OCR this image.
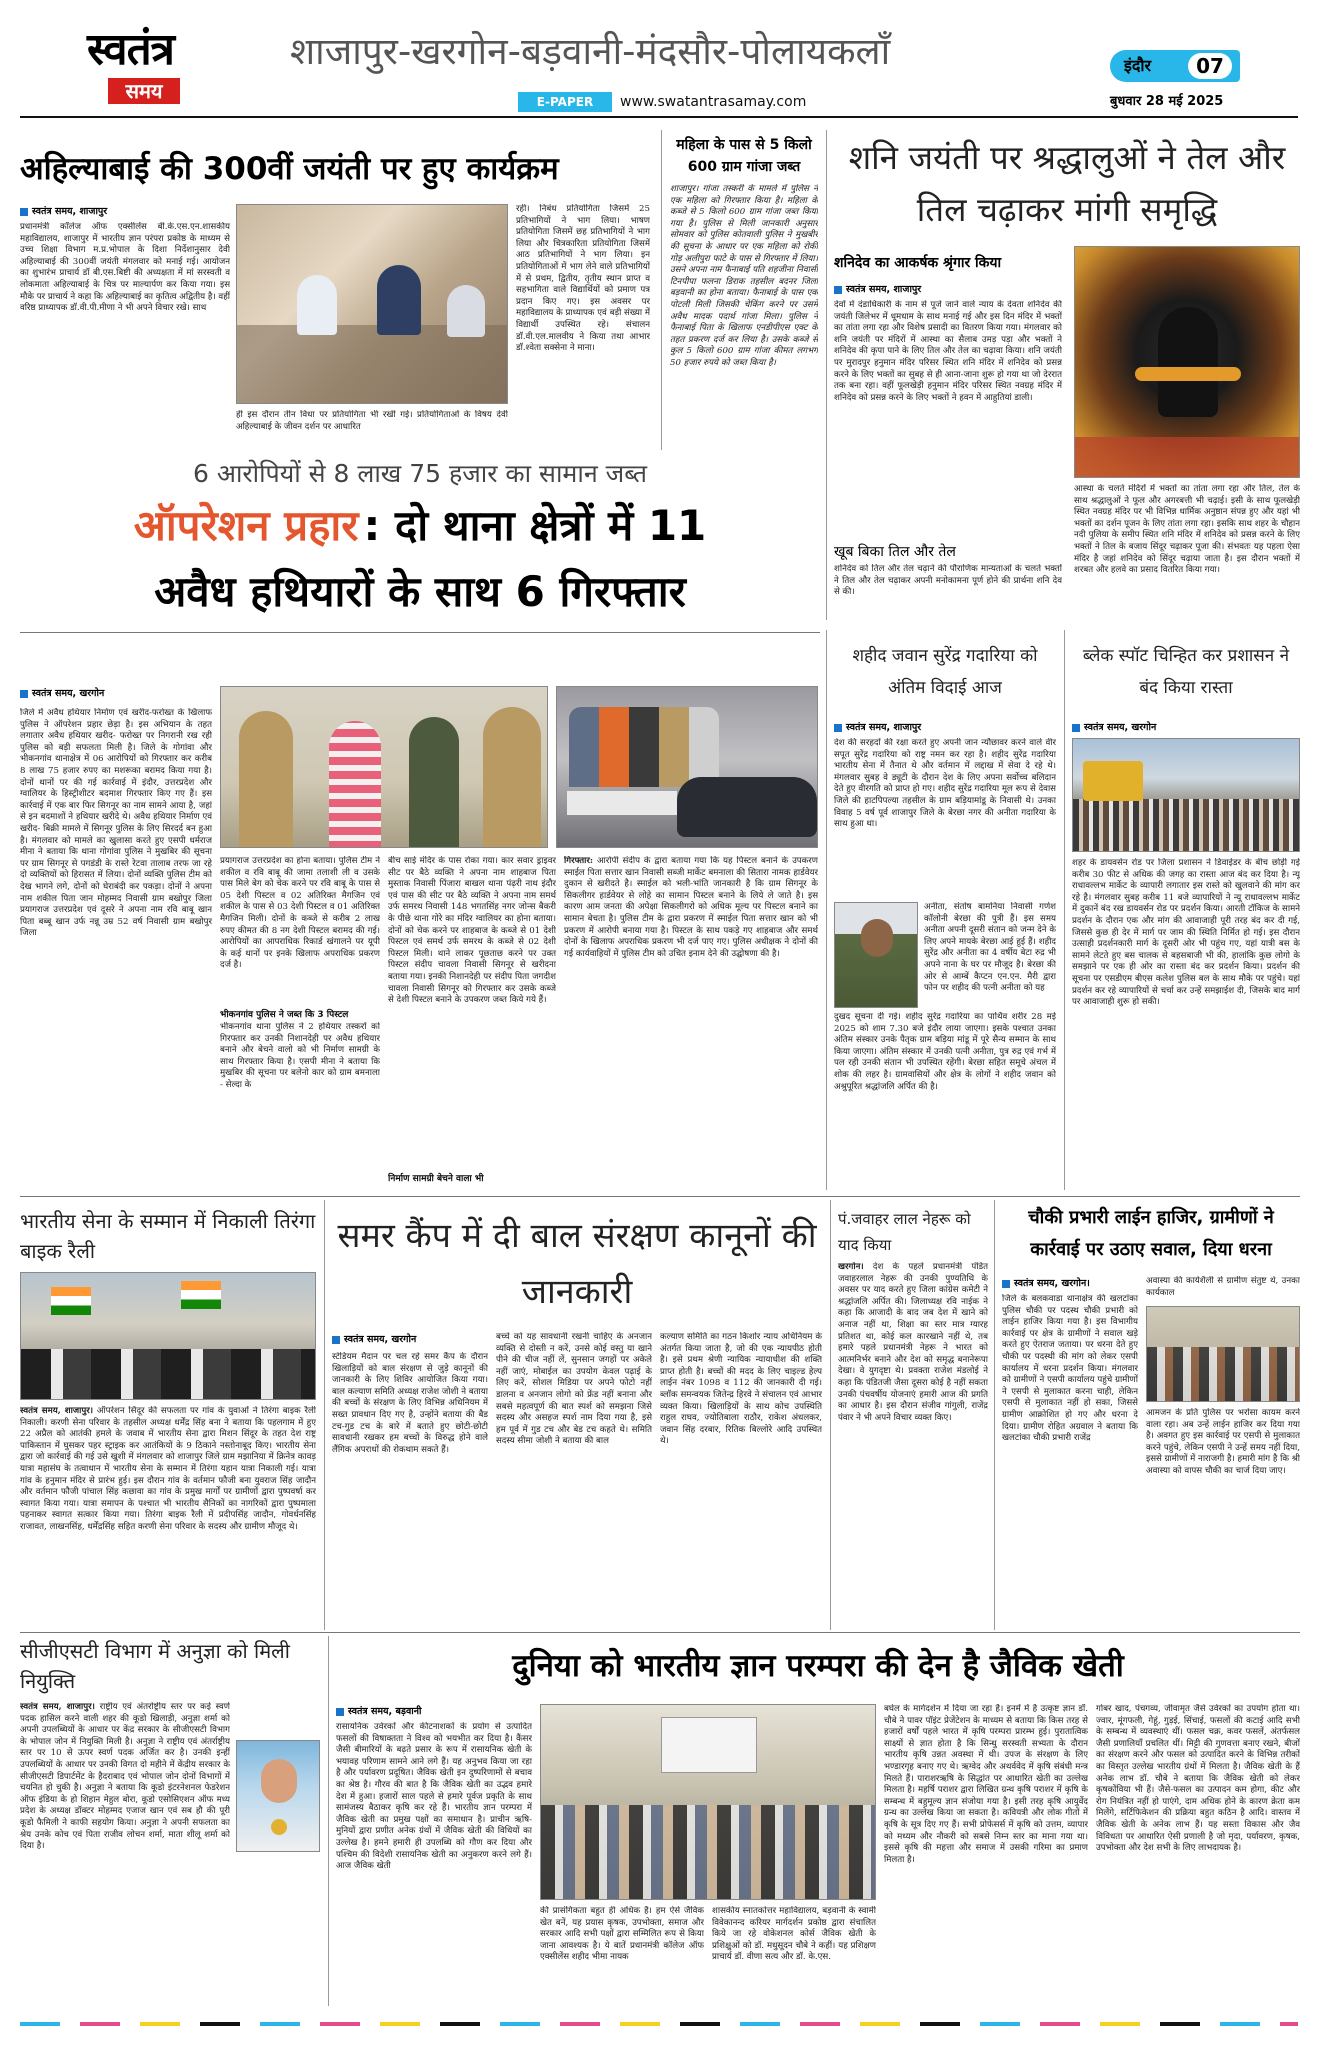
स्वतंत्र
समय
शाजापुर-खरगोन-बड़वानी-मंदसौर-पोलायकलाँ
E-PAPER	www.swatantrasamay.com
इंदौर	07
बुधवार 28 मई 2025
अहिल्याबाई की 300वीं जयंती पर हुए कार्यक्रम
स्वतंत्र समय, शाजापुर
प्रधानमंत्री कॉलेज ऑफ एक्सीलेंस बी.के.एस.एन.शासकीय महाविद्यालय, शाजापुर में भारतीय ज्ञान परंपरा प्रकोष्ठ के माध्यम से उच्च शिक्षा विभाग म.प्र.भोपाल के दिशा निर्देशानुसार देवी अहिल्याबाई की 300वीं जयंती मंगलवार को मनाई गई। आयोजन का शुभारंभ प्राचार्य डॉ बी.एस.बिष्टी की अध्यक्षता में मां सरस्वती व लोकमाता अहिल्याबाई के चित्र पर माल्यार्पण कर किया गया। इस मौके पर प्राचार्य ने कहा कि अहिल्याबाई का कृतित्व अद्वितीय है। वहीं वरिष्ठ प्राध्यापक डॉ.वी.पी.मीणा ने भी अपने विचार रखे। साथ
ही इस दौरान तीन विधा पर प्रतियोगिता भी रखी गई। प्रतियोगिताओं के विषय देवी अहिल्याबाई के जीवन दर्शन पर आधारित
रही। निबंध प्रतियोगिता जिसमें 25 प्रतिभागियों ने भाग लिया। भाषण प्रतियोगिता जिसमें छह प्रतिभागियों ने भाग लिया और चित्रकारिता प्रतियोगिता जिसमें आठ प्रतिभागियों ने भाग लिया। इन प्रतियोगिताओं में भाग लेने वाले प्रतिभागियों में से प्रथम, द्वितीय, तृतीय स्थान प्राप्त व सहभागिता वाले विद्यार्थियों को प्रमाण पत्र प्रदान किए गए। इस अवसर पर महाविद्यालय के प्राध्यापक एवं बड़ी संख्या में विद्यार्थी उपस्थित रहे। संचालन डॉ.वी.एल.मालवीय ने किया तथा आभार डॉ.श्वेता सक्सेना ने माना।
महिला के पास से 5 किलो 600 ग्राम गांजा जब्त
शाजापुर। गांजा तस्करी के मामले में पुलिस ने एक महिला को गिरफ्तार किया है। महिला के कब्जे से 5 किलो 600 ग्राम गांजा जब्त किया गया है। पुलिस से मिली जानकारी अनुसार सोमवार को पुलिस कोतवाली पुलिस ने मुखबीर की सूचना के आधार पर एक महिला को रोकी गोड़ अलीपुरा फाटे के पास से गिरफ्तार में लिया। उसने अपना नाम फैनाबाई पति शहजीना निवासी टिनपीपा फलना डिराक तहसील बदनर जिला बड़वानी का होना बताया। फैनाबाई के पास एक पोटली मिली जिसकी चेकिंग करने पर उसमें अवैध मादक पदार्थ गांजा मिला। पुलिस ने फैनाबाई पिता के खिलाफ एनडीपीएस एक्ट के तहत प्रकरण दर्ज कर लिया है। उसके कब्जे से कुल 5 किलो 600 ग्राम गांजा कीमत लगभग 50 हजार रुपये को जब्त किया है।
शनि जयंती पर श्रद्धालुओं ने तेल और तिल चढ़ाकर मांगी समृद्धि
शनिदेव का आकर्षक श्रृंगार किया
स्वतंत्र समय, शाजापुर
देवों में दंडाधिकारी के नाम से पूजे जाने वाले न्याय के देवता शनिदेव की जयंती जिलेभर में धूमधाम के साथ मनाई गई और इस दिन मंदिर में भक्तों का तांता लगा रहा और विशेष प्रसादी का वितरण किया गया। मंगलवार को शनि जयंती पर मंदिरों में आस्था का सैलाब उमड़ पड़ा और भक्तों ने शनिदेव की कृपा पाने के लिए तिल और तेल का चढ़ावा किया। शनि जयंती पर मुरादपुर हनुमान मंदिर परिसर स्थित शनि मंदिर में शनिदेव को प्रसन्न करने के लिए भक्तों का सुबह से ही आना-जाना शुरू हो गया था जो देररात तक बना रहा। वहीं फूलखेड़ी हनुमान मंदिर परिसर स्थित नवग्रह मंदिर में शनिदेव को प्रसन्न करने के लिए भक्तों ने हवन में आहुतियां डाली।
खूब बिका तिल और तेल
शनिदेव को तिल और तेल चढ़ाने की पौराणिक मान्यताओं के चलते भक्तों ने तिल और तेल चढ़ाकर अपनी मनोकामना पूर्ण होने की प्रार्थना शनि देव से की।
आस्था के चलते मंदिरों में भक्तों का तांता लगा रहा और तिल, तेल के साथ श्रद्धालुओं ने फूल और अगरबत्ती भी चढ़ाई। इसी के साथ फूलखेड़ी स्थित नवग्रह मंदिर पर भी विभिन्न धार्मिक अनुष्ठान संपन्न हुए और यहां भी भक्तों का दर्शन पूजन के लिए तांता लगा रहा। इसकि साथ शहर के चौहान नदी पुलिया के समीप स्थित शनि मंदिर में शनिदेव को प्रसन्न करने के लिए भक्तों ने तिल के बजाय सिंदूर चढ़ाकर पूजा की। संभवतः यह पहला ऐसा मंदिर है जहां शनिदेव को सिंदूर चढ़ाया जाता है। इस दौरान भक्तों में शरबत और हलवे का प्रसाद वितरित किया गया।
6 आरोपियों से 8 लाख 75 हजार का सामान जब्त
ऑपरेशन प्रहार : दो थाना क्षेत्रों में 11
अवैध हथियारों के साथ 6 गिरफ्तार
स्वतंत्र समय, खरगोन
जिले में अवैध हथियार निर्माण एवं खरीद-फरोख्त के खिलाफ पुलिस ने ऑपरेशन प्रहार छेड़ा है। इस अभियान के तहत लगातार अवैध हथियार खरीद- फरोख्त पर निगरानी रख रही पुलिस को बड़ी सफलता मिली है। जिले के गोगांवा और भीकनगांव थानाक्षेत्र में 06 आरोपियों को गिरफ्तार कर करीब 8 लाख 75 हजार रुपए का मशरूका बरामद किया गया है। दोनों थानों पर की गई कार्रवाई में इंदौर, उत्तरप्रदेश और ग्वालियर के हिस्ट्रीशीटर बदमाश गिरफ्तार किए गए हैं। इस कार्रवाई में एक बार फिर सिगनूर का नाम सामने आया है, जहां से इन बदमाशों ने हथियार खरीदे थे। अवैध हथियार निर्माण एवं खरीद- बिक्री मामले में सिगनूर पुलिस के लिए सिरदर्द बन हुआ है। मंगलवार को मामले का खुलासा करते हुए एसपी धर्मराज मीना ने बताया कि थाना गोगांवा पुलिस ने मुखबिर की सूचना पर ग्राम सिगनूर से पगडंडी के रास्ते रेटवा तालाब तरफ जा रहे दो व्यक्तियों को हिरासत में लिया। दोनों व्यक्ति पुलिस टीम को देख भागने लगे, दोनों को घेराबंदी कर पकड़ा। दोनों ने अपना नाम शकील पिता जान मोहम्मद निवासी ग्राम बखोपुर जिला प्रयागराज उत्तरप्रदेश एवं दूसरे ने अपना नाम रवि बाबू खान पिता बब्बू खान उर्फ नन्नू उम्र 52 वर्ष निवासी ग्राम बखोपुर जिला
प्रयागराज उत्तरप्रदेश का होना बताया। पुलिस टीम ने शकील व रवि बाबू की जामा तलाशी ली व उसके पास मिले बेग को चेक करने पर रवि बाबू के पास से 05 देशी पिस्टल व 02 अतिरिक्त मैगजिन एवं शकील के पास से 03 देशी पिस्टल व 01 अतिरिक्त मैगजिन मिली। दोनों के कब्जे से करीब 2 लाख रुपए कीमत की 8 नग देशी पिस्टल बरामद की गई। आरोपियों का आपराधिक रिकार्ड खंगालने पर यूपी के कई थानों पर इनके खिलाफ अपराधिक प्रकरण दर्ज है।
भीकनगांव पुलिस ने जब्त कि 3 पिस्टल
भीकनगांव थाना पुलिस ने 2 हथियार तस्करों को गिरफ्तार कर उनकी निशानदेही पर अवैध हथियार बनाने और बेचने वालो को भी निर्माण सामग्री के साथ गिरफ्तार किया है। एसपी मीना ने बताया कि मुखबिर की सूचना पर बलेनो कार को ग्राम बमनाला - सेल्दा के
बीच साई मंदिर के पास रोका गया। कार सवार ड्राइवर सीट पर बैठे व्यक्ति ने अपना नाम शाहबाज पिता मुस्ताक निवासी पिंजारा बाखल थाना पंढ़री नाथ इंदौर एवं पास की सीट पर बैठे व्यक्ति ने अपना नाम समर्थ उर्फ समरथ निवासी 148 भगतसिंह नगर जोन्स बैकरी के पीछे थाना गोरे का मंदिर ग्वालियर का होना बताया। दोनों को चेक करने पर शाहबाज के कब्जे से 01 देशी पिस्टल एवं समर्थ उर्फ समरथ के कब्जे से 02 देशी पिस्टल मिली। थाने लाकर पूछताछ करने पर उक्त पिस्टल संदीप चावला निवासी सिगनूर से खरीदना बताया गया। इनकी निशानदेही पर संदीप पिता जगदीश चावला निवासी सिगनूर को गिरफ्तार कर उसके कब्जे से देशी पिस्टल बनाने के उपकरण जब्त किये गये हैं।
निर्माण सामग्री बेचने वाला भी
गिरफ्तार: आरोपी संदीप के द्वारा बताया गया कि यह पिस्टल बनाने के उपकरण स्माईल पिता सत्तार खान निवासी सब्जी मार्केट बमनाला की सितारा नामक हार्डवेयर दुकान से खरीदते है। स्माईल को भली-भांति जानकारी है कि ग्राम सिगनूर के सिकलीगर हार्डवेयर से लोहे का सामान पिस्टल बनाने के लिये ले जाते है। इस कारण आम जनता की अपेक्षा सिकलीगरो को अधिक मूल्य पर पिस्टल बनाने का सामान बेचता है। पुलिस टीम के द्वारा प्रकरण में स्माईल पिता सत्तार खान को भी प्रकरण में आरोपी बनाया गया है। पिस्टल के साथ पकड़े गए शाहबाज और समर्थ दोनों के खिलाफ अपराधिक प्रकरण भी दर्ज पाए गए। पुलिस अधीक्षक ने दोनों की गई कार्यवाहियों में पुलिस टीम को उचित इनाम देने की उद्घोषणा की है।
शहीद जवान सुरेंद्र गदारिया को अंतिम विदाई आज
स्वतंत्र समय, शाजापुर
देश की सरहदों की रक्षा करते हुए अपनी जान न्यौछावर करने वाले वीर सपूत सुरेंद्र गदारिया को राष्ट्र नमन कर रहा है। शहीद सुरेंद्र गदारिया भारतीय सेना में तैनात थे और वर्तमान में लद्दाख में सेवा दे रहे थे। मंगलवार सुबह वे ड्यूटी के दौरान देश के लिए अपना सर्वोच्च बलिदान देते हुए वीरगति को प्राप्त हो गए। शहीद सुरेंद्र गदारिया मूल रूप से देवास जिले की हाटपिपल्या तहसील के ग्राम बड़ियामांडू के निवासी थे। उनका विवाह 5 वर्ष पूर्व शाजापुर जिले के बेरछा नगर की अनीता गदारिया के साथ हुआ था।
अनीता, संतोष बामनिया निवासी गणेश कॉलोनी बेरछा की पुत्री हैं। इस समय अनीता अपनी दूसरी संतान को जन्म देने के लिए अपने मायके बेरछा आई हुई हैं। शहीद सुरेंद्र और अनीता का 4 वर्षीय बेटा रुद्र भी अपने नाना के घर पर मौजूद है। बेरछा की ओर से आम्बें कैप्टन एन.एन. मैरी द्वारा फोन पर शहीद की पत्नी अनीता को यह
दुखद सूचना दी गई। शहीद सुरेंद्र गदारिया का पार्थिव शरीर 28 मई 2025 को शाम 7.30 बजे इंदौर लाया जाएगा। इसके पश्चात उनका अंतिम संस्कार उनके पैतृक ग्राम बड़िया मांडू में पूरे सैन्य सम्मान के साथ किया जाएगा। अंतिम संस्कार में उनकी पत्नी अनीता, पुत्र रुद्र एवं गर्भ में पल रही उनकी संतान भी उपस्थित रहेंगी। बेरछा सहित समूचे अंचल में शोक की लहर है। ग्रामवासियों और क्षेत्र के लोगों ने शहीद जवान को अश्रुपूरित श्रद्धांजलि अर्पित की है।
ब्लेक स्पॉट चिन्हित कर प्रशासन ने बंद किया रास्ता
स्वतंत्र समय, खरगोन
शहर के डायवर्सन रोड पर जिला प्रशासन ने डिवाईडर के बीच छोड़ी गई करीब 30 फीट से अधिक की जगह का रास्ता आज बंद कर दिया है। न्यू राधावल्लभ मार्केट के व्यापारी लगातार इस रास्ते को खुलवाने की मांग कर रहे है। मंगलवार सुबह करीब 11 बजे व्यापारियों ने न्यू राधावल्लभ मार्केट में दुकानें बंद रख डायवर्सन रोड पर प्रदर्शन किया। आरती टॉकिज के सामने प्रदर्शन के दौरान एक और मांग की आवाजाही पूरी तरह बंद कर दी गई, जिससे कुछ ही देर में मार्ग पर जाम की स्थिति निर्मित हो गई। इस दौरान उत्साही प्रदर्शनकारी मार्ग के दूसरी ओर भी पहुंच गए, यहां यात्री बस के सामने लेटते हुए बस चालक से बहसबाजी भी की, हालांकि कुछ लोगो के समझाने पर एक ही ओर का रास्ता बंद कर प्रदर्शन किया। प्रदर्शन की सूचना पर एसडीएम बीएस कलेश पुलिस बल के साथ मौके पर पहुंचे। यहां प्रदर्शन कर रहे व्यापारियों से चर्चा कर उन्हें समझाईश दी, जिसके बाद मार्ग पर आवाजाही शुरू हो सकी।
भारतीय सेना के सम्मान में निकाली तिरंगा बाइक रैली
स्वतंत्र समय, शाजापुर। ऑपरेशन सिंदूर की सफलता पर गांव के युवाओं ने तिरंगा बाइक रैली निकाली। करणी सेना परिवार के तहसील अध्यक्ष धर्मेंद्र सिंह बना ने बताया कि पहलगाम में हुए 22 अप्रैल को आतंकी हमले के जवाब में भारतीय सेना द्वारा मिशन सिंदूर के तहत देश राष्ट्र पाकिस्तान में घुसकर पहर स्ट्राइक कर आतंकियों के 9 ठिकाने नस्तोनाबूद किए। भारतीय सेना द्वारा जो कार्रवाई की गई उसे खुशी में मंगलवार को शाजापुर जिले ग्राम मझानिया में क्रिनेत्र कावड़ यात्रा महासंघ के तत्वाधान में भारतीय सेना के सम्मान में तिरंगा यहान यात्रा निकाली गई। यात्रा गांव के हनुमान मंदिर से प्रारंभ हुई। इस दौरान गांव के वर्तमान फौजी बना युवराज सिंह जादौन और वर्तमान फौजी पांचाल सिंह कछावा का गांव के प्रमुख मार्गों पर ग्रामीणों द्वारा पुष्पवर्षा कर स्वागत किया गया। यात्रा समापन के पश्चात भी भारतीय सैनिकों का नागरिकों द्वारा पुष्पमाला पहनाकर स्वागत सत्कार किया गया। तिरंगा बाइक रैली में प्रदीपसिंह जादौन, गोवर्धनसिंह राजावत, लाखनसिंह, धर्मेंद्रसिंह सहित करणी सेना परिवार के सदस्य और ग्रामीण मौजूद थे।
समर कैंप में दी बाल संरक्षण कानूनों की जानकारी
स्वतंत्र समय, खरगोन
स्टेडियम मैदान पर चल रहे समर कैंप के दौरान खिलाड़ियों को बाल संरक्षण से जुड़े कानूनों की जानकारी के लिए शिविर आयोजित किया गया। बाल कल्याण समिति अध्यक्ष राजेश जोशी ने बताया की बच्चों के संरक्षण के लिए विभिन्न अधिनियम में सख्त प्रावधान दिए गए है, उन्होंने बताया की बैड टच-गुड टच के बारे में बताते हुए छोटी-छोटी सावधानी रखकर हम बच्चों के विरुद्ध होने वाले लैंगिक अपराधों की रोकथाम सकते हैं।
बच्चे को यह सावधानी रखनी चाहिए के अनजान व्यक्ति से दोस्ती न करें, उनसे कोई वस्तु या खाने पीने की चीज नहीं लें, सुनसान जगहों पर अकेले नहीं जाएं, मोबाईल का उपयोग केवल पढ़ाई के लिए करें, सोशल मिडिया पर अपने फोटो नहीं डालना व अनजान लोगो को फ्रेंड नहीं बनाना और सबसे महत्वपूर्ण की बात स्पर्श को समझना जिसे सदस्य और असहज स्पर्श नाम दिया गया है, इसे हम पूर्व में गुड टच और बेड टच कहते थे। समिति सदस्य सीमा जोशी ने बताया की बाल
कल्याण समिति का गठन किशोर न्याय अधिनियम के अंतर्गत किया जाता है, जो की एक न्यायपीठ होती है। इसे प्रथम श्रेणी न्यायिक न्यायाधीश की शक्ति प्राप्त होती है। बच्चों की मदद के लिए चाइल्ड हेल्प लाईन नंबर 1098 व 112 की जानकारी दी गई। ब्लॉक समन्वयक जितेन्द्र हिरवे ने संचालन एवं आभार व्यक्त किया। खिलाड़ियों के साथ कोच उपस्थिति राहुल राघव, ज्योतिबाला राठौर, राकेश अंधलकर, जवान सिंह दरबार, रितिक बिल्लोरे आदि उपस्थित थे।
पं.जवाहर लाल नेहरू को याद किया
खरगोन। देश के पहले प्रधानमंत्री पंडित जवाहरलाल नेहरू की उनकी पुण्यतिथि के अवसर पर याद करते हुए जिला कांग्रेस कमेटी ने श्रद्धांजलि अर्पित की। जिलाध्यक्ष रवि नाईक ने कहा कि आजादी के बाद जब देश में खाने को अनाज नहीं था, शिक्षा का स्तर मात्र ग्यारह प्रतिशत था, कोई कल कारखाने नहीं थे, तब हमारे पहले प्रधानमंत्री नेहरू ने भारत को आत्मनिर्भर बनाने और देश को समृद्ध बनानेरूपा देखा। वे युगदृष्टा थे। प्रवक्ता राजेश मंडलोई ने कहा कि पंडितजी जैसा दूसरा कोई है नहीं सकता उनकी पंचवर्षीय योजनाएं हमारी आज की प्रगति का आधार है। इस दौरान संजीव गांगुली, राजेंद्र पंवार ने भी अपने विचार व्यक्त किए।
चौकी प्रभारी लाईन हाजिर, ग्रामीणों ने कार्रवाई पर उठाए सवाल, दिया धरना
स्वतंत्र समय, खरगोन।
जिले के बलकवाडा थानाक्षेत्र की खलटांका पुलिस चौकी पर पदस्थ चौकी प्रभारी को लाईन हाजिर किया गया है। इस विभागीय कार्रवाई पर क्षेत्र के ग्रामीणों ने सवाल खड़े करते हुए ऐतराज जताया। पर धरना देते हुए चौकी पर पदस्थी की मांग को लेकर एसपी कार्यालय में धरना प्रदर्शन किया। मंगलवार को ग्रामीणों ने एसपी कार्यालय पहुंचे ग्रामीणों ने एसपी से मुलाकात करना चाही, लेकिन एसपी से मुलाकात नहीं हो सका, जिससे ग्रामीण आक्रोशित हो गए और धरना दे दिया। ग्रामीण रोहित अग्रवाल ने बताया कि खलटांका चौकी प्रभारी राजेंद्र
अवास्या की कार्यशैली से ग्रामीण संतुष्ट थे, उनका कार्यकाल
आमजन के प्रति पुलिस पर भरोसा कायम करने वाला रहा। अब उन्हें लाईन हाजिर कर दिया गया है। अवगत हुए इस कार्रवाई पर एसपी से मुलाकात करने पहुंचे, लेकिन एसपी ने उन्हें समय नहीं दिया, इससे ग्रामीणों में नाराजगी है। हमारी मांग है कि श्री अवास्या को वापस चौकी का चार्ज दिया जाए।
सीजीएसटी विभाग में अनुज्ञा को मिली नियुक्ति
स्वतंत्र समय, शाजापुर। राष्ट्रीय एवं अंतर्राष्ट्रीय स्तर पर कई स्वर्ण पदक हासिल करने वाली शहर की कूडो खिलाड़ी, अनुज्ञा शर्मा को अपनी उपलब्धियों के आधार पर केंद्र सरकार के सीजीएसटी विभाग के भोपाल जोन में नियुक्ति मिली है। अनुज्ञा ने राष्ट्रीय एवं अंतर्राष्ट्रीय स्तर पर 10 से ऊपर स्वर्ण पदक अर्जित कर है। उनकी इन्हीं उपलब्धियों के आधार पर उनकी विगत दो महीने में केंद्रीय सरकार के सीजीएसटी डिपार्टमेंट के हैदराबाद एवं भोपाल जोन दोनों विभागों में चयनित हो चुकी है। अनुज्ञा ने बताया कि कूडो इंटरनेशनल फेडरेशन ऑफ इंडिया के हो शिहान मेहुल बोरा, कूडो एसोसिएशन ऑफ मध्य प्रदेश के अध्यक्ष डॉक्टर मोहम्मद एजाज खान एवं सब हौ की पूरी कूडो फैमिली ने काफी सहयोग किया। अनुज्ञा ने अपनी सफलता का श्रेय उनके कोच एवं पिता राजीव लोचन शर्मा, माता शीलू शर्मा को दिया है।
दुनिया को भारतीय ज्ञान परम्परा की देन है जैविक खेती
स्वतंत्र समय, बड़वानी
रासायनिक उर्वरकों और कीटनाशकों के प्रयोग से उत्पादित फसलों की विषाक्तता ने विश्व को भयभीत कर दिया है। कैंसर जैसी बीमारियों के बढ़ते प्रसार के रूप में रासायनिक खेती के भयावह परिणाम सामने आने लगे हैं। यह अनुभव किया जा रहा है और पर्यावरण प्रदूषित। जैविक खेती इन दुष्परिणामों से बचाव का श्रेष्ठ है। गौरव की बात है कि जैविक खेती का उद्भव हमारे देश में हुआ। हजारों साल पहले से हमारे पूर्वज प्रकृति के साथ सामंजस्य बैठाकर कृषि कर रहे हैं। भारतीय ज्ञान परम्परा में जैविक खेती का प्रमुख पक्षों का समाधान है। प्राचीन ऋषि-मुनियों द्वारा प्रणीत अनेक ग्रंथों में जैविक खेती की विधियों का उल्लेख है। हमने हमारी ही उपलब्धि को गौण कर दिया और पश्चिम की विदेशी रासायनिक खेती का अनुकरण करने लगे हैं। आज जैविक खेती
की प्रासंगिकता बहुत ही अधिक है। हम ऐसे जैविक खेत बनें, यह प्रयास कृषक, उपभोक्ता, समाज और सरकार आदि सभी पक्षों द्वारा सम्मिलित रूप से किया जाना आवश्यक है। ये बातें प्रधानमंत्री कॉलेज ऑफ एक्सीलेंस शहीद भीमा नायक
शासकीय स्नातकोत्तर महाविद्यालय, बड़वानी के स्वामी विवेकानन्द करियर मार्गदर्शन प्रकोष्ठ द्वारा संचालित किये जा रहे वोकेशनल कोर्स जैविक खेती के प्रशिक्षुओं को डॉ. मधुसूदन चौबे ने कहीं। यह प्रशिक्षण प्राचार्य डॉ. वीणा सत्य और डॉ. के.एस.
बघेल के मार्गदर्शन में दिया जा रहा है। इनमें में है उत्कृष्ट ज्ञान डॉ. चौबे ने पावर पॉइंट प्रेजेंटेशन के माध्यम से बताया कि किस तरह से हजारों वर्षों पहले भारत में कृषि परम्परा प्रारम्भ हुई। पुरातात्विक साक्ष्यों से ज्ञात होता है कि सिन्धु सरस्वती सभ्यता के दौरान भारतीय कृषि उन्नत अवस्था में थी। उपज के संरक्षण के लिए भण्डारगृह बनाए गए थे। ऋग्वेद और अथर्ववेद में कृषि संबंधी मन्त्र मिलते हैं। पाराशरऋषि के सिद्धांत पर आधारित खेती का उल्लेख मिलता है। महर्षि पराशर द्वारा लिखित ग्रन्थ कृषि पराशर में कृषि के सम्बन्ध में बहुमूल्य ज्ञान संजोया गया है। इसी तरह कृषि आयुर्वेद ग्रन्थ का उल्लेख किया जा सकता है। कवियत्री और लोक गीतों में कृषि के सूत्र दिए गए हैं। सभी प्रोफेसर्स में कृषि को उत्तम, व्यापार को मध्यम और नौकरी को सबसे निम्न स्तर का माना गया था। इससे कृषि की महत्ता और समाज में उसकी गरिमा का प्रमाण मिलता है।
गोबर खाद, पंचगव्य, जीवामृत जैसे उर्वरकों का उपयोग होता था। ज्वार, मूंगफली, गेहूं, गुड़ई, सिंचाई, फसलों की कटाई आदि सभी के सम्बन्ध में व्यवस्थाएं थीं। फसल चक्र, कवर फसलें, अंतर्फसल जैसी प्रणालियाँ प्रचलित थीं। मिट्टी की गुणवत्ता बनाए रखने, बीजों का संरक्षण करने और फसल को उत्पादित करने के विभिन्न तरीकों का विस्तृत उल्लेख भारतीय ग्रंथों में मिलता है। जैविक खेती के हैं अनेक लाभ डॉ. चौबे ने बताया कि जैविक खेती को लेकर कृषकोंविया भी हैं। जैसे-फसल का उत्पादन कम होगा, कीट और रोग नियंत्रित नहीं हो पाएंगे, दाम अधिक होने के कारण क्रेता कम मिलेंगे, सर्टिफिकेशन की प्रक्रिया बहुत कठिन है आदि। वास्तव में जैविक खेती के अनेक लाभ हैं। यह सस्ता विकास और जैव विविधता पर आधारित ऐसी प्रणाली है जो मृदा, पर्यावरण, कृषक, उपभोक्ता और देश सभी के लिए लाभदायक है।
